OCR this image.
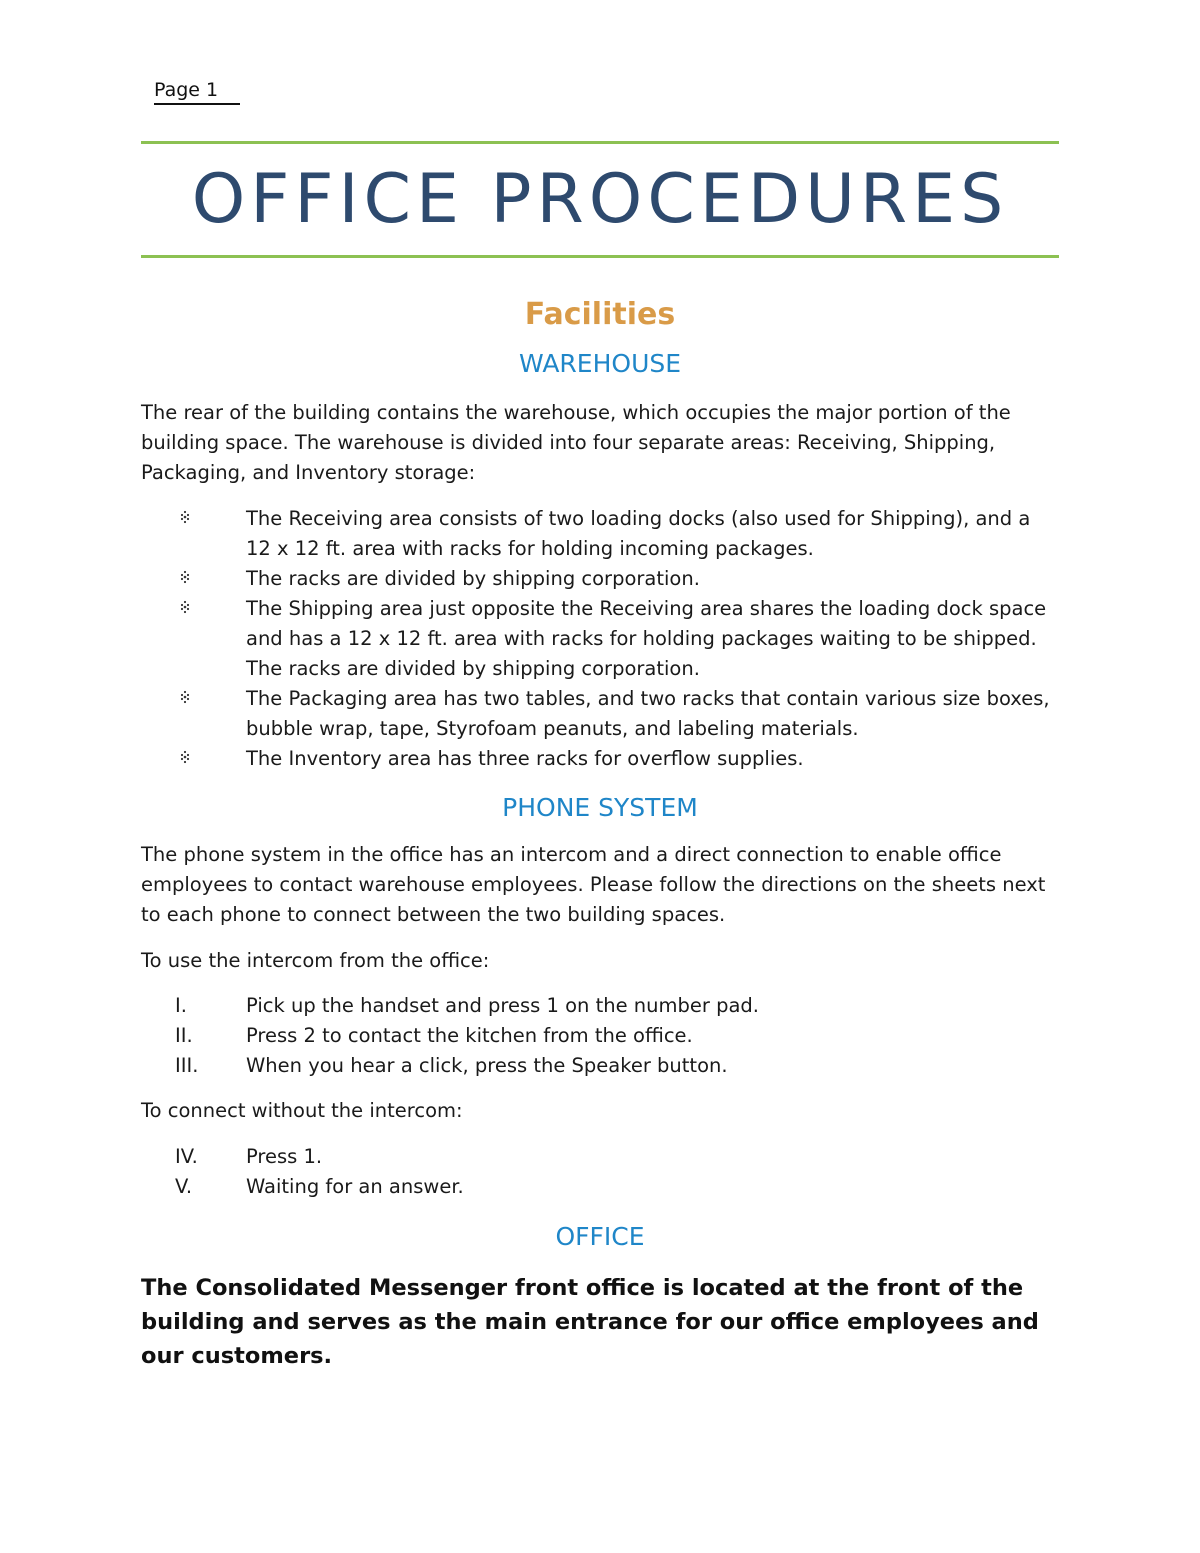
Page 1
OFFICE PROCEDURES
Facilities
WAREHOUSE

The rear of the building contains the warehouse, which occupies the major portion of the building space. The warehouse is divided into four separate areas: Receiving, Shipping, Packaging, and Inventory storage:

The Receiving area consists of two loading docks (also used for Shipping), and a 12 x 12 ft. area with racks for holding incoming packages.
The racks are divided by shipping corporation.
The Shipping area just opposite the Receiving area shares the loading dock space and has a 12 x 12 ft. area with racks for holding packages waiting to be shipped. The racks are divided by shipping corporation.
The Packaging area has two tables, and two racks that contain various size boxes, bubble wrap, tape, Styrofoam peanuts, and labeling materials.
The Inventory area has three racks for overflow supplies.
PHONE SYSTEM

The phone system in the office has an intercom and a direct connection to enable office employees to contact warehouse employees. Please follow the directions on the sheets next to each phone to connect between the two building spaces.

To use the intercom from the office:

I.	Pick up the handset and press 1 on the number pad.
II.	Press 2 to contact the kitchen from the office.
III. When you hear a click, press the Speaker button.

To connect without the intercom:

IV. Press 1.
V.	Waiting for an answer.
OFFICE

The Consolidated Messenger front office is located at the front of the building and serves as the main entrance for our office employees and our customers.
